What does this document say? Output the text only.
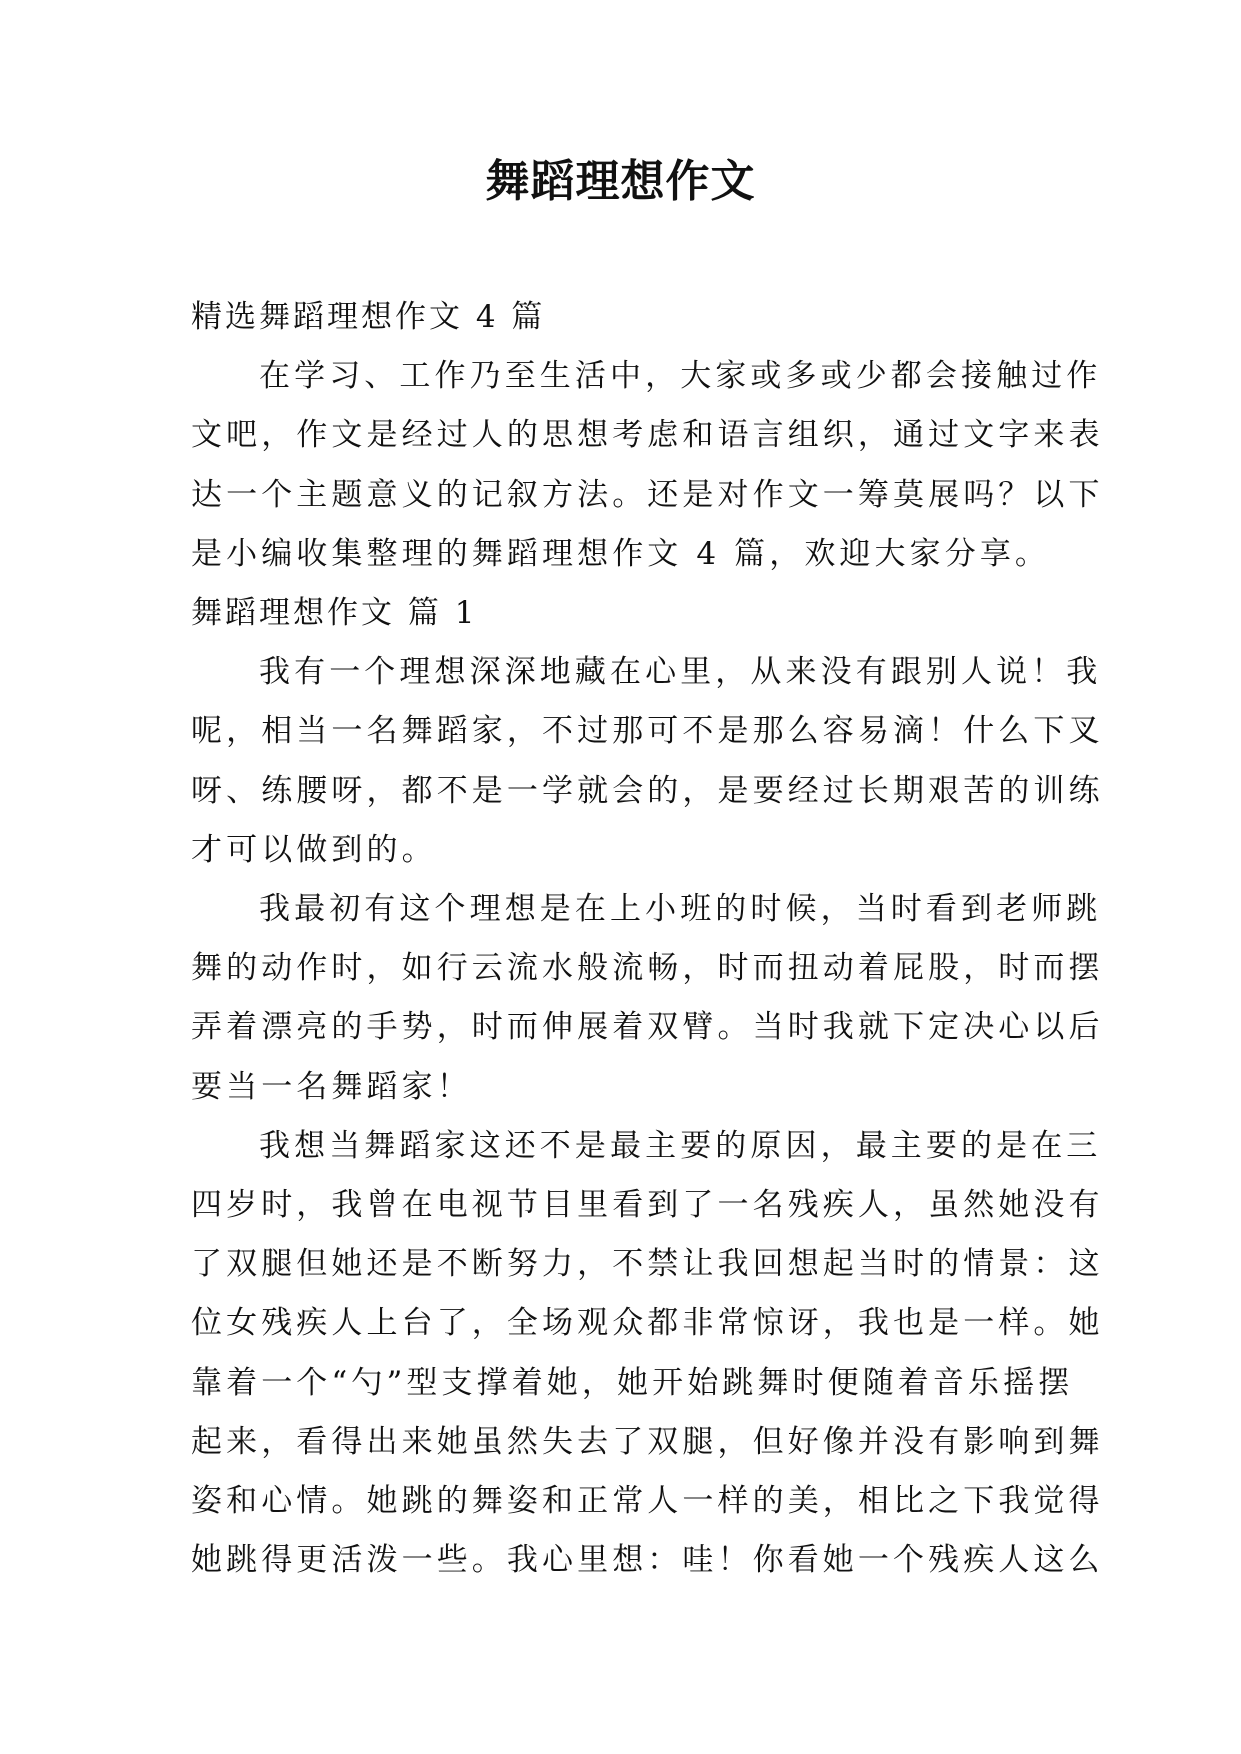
舞蹈理想作文
精选舞蹈理想作文 4 篇
在学习、工作乃至生活中，大家或多或少都会接触过作
文吧，作文是经过人的思想考虑和语言组织，通过文字来表
达一个主题意义的记叙方法。还是对作文一筹莫展吗？以下
是小编收集整理的舞蹈理想作文 4 篇，欢迎大家分享。
舞蹈理想作文 篇 1
我有一个理想深深地藏在心里，从来没有跟别人说！我
呢，相当一名舞蹈家，不过那可不是那么容易滴！什么下叉
呀、练腰呀，都不是一学就会的，是要经过长期艰苦的训练
才可以做到的。
我最初有这个理想是在上小班的时候，当时看到老师跳
舞的动作时，如行云流水般流畅，时而扭动着屁股，时而摆
弄着漂亮的手势，时而伸展着双臂。当时我就下定决心以后
要当一名舞蹈家！
我想当舞蹈家这还不是最主要的原因，最主要的是在三
四岁时，我曾在电视节目里看到了一名残疾人，虽然她没有
了双腿但她还是不断努力，不禁让我回想起当时的情景：这
位女残疾人上台了，全场观众都非常惊讶，我也是一样。她
靠着一个“勺”型支撑着她，她开始跳舞时便随着音乐摇摆
起来，看得出来她虽然失去了双腿，但好像并没有影响到舞
姿和心情。她跳的舞姿和正常人一样的美，相比之下我觉得
她跳得更活泼一些。我心里想：哇！你看她一个残疾人这么
